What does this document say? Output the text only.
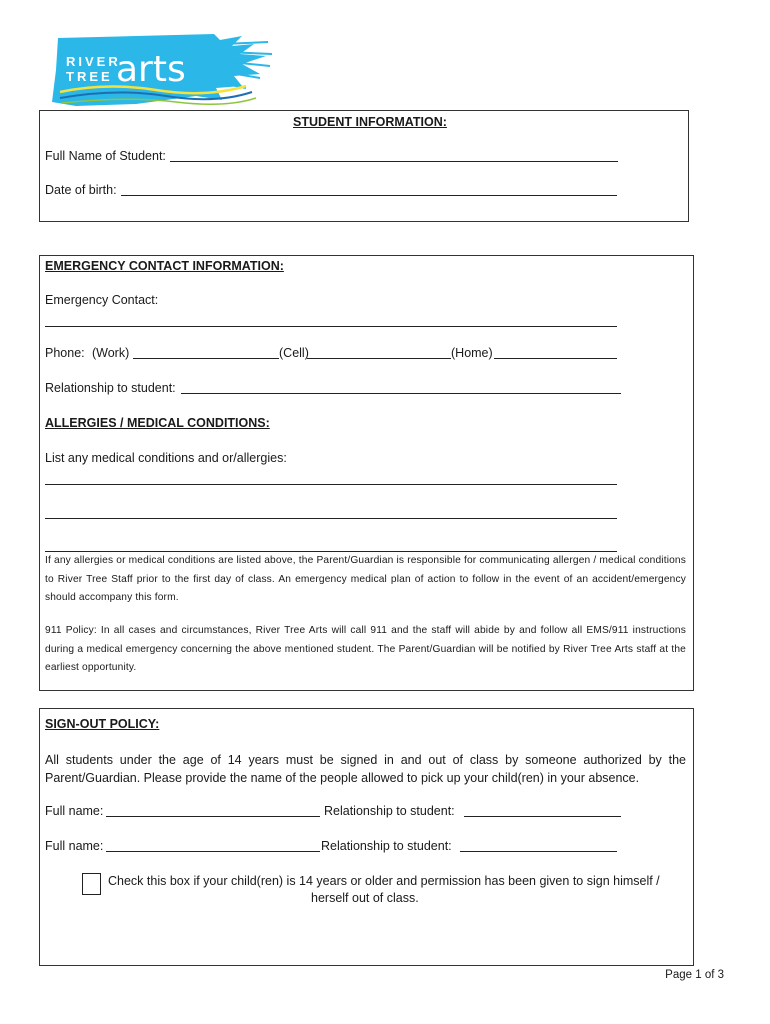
RIVER
TREE arts
STUDENT INFORMATION:
Full Name of Student:
Date of birth:
EMERGENCY CONTACT INFORMATION:
Emergency Contact:
Phone: (Work)	(Cell)	(Home)
Relationship to student:
ALLERGIES / MEDICAL CONDITIONS:
List any medical conditions and or/allergies:
If any allergies or medical conditions are listed above, the Parent/Guardian is responsible for communicating allergen / medical conditions to River Tree Staff prior to the first day of class. An emergency medical plan of action to follow in the event of an accident/emergency should accompany this form.
911 Policy: In all cases and circumstances, River Tree Arts will call 911 and the staff will abide by and follow all EMS/911 instructions during a medical emergency concerning the above mentioned student. The Parent/Guardian will be notified by River Tree Arts staff at the earliest opportunity.
SIGN-OUT POLICY:
All students under the age of 14 years must be signed in and out of class by someone authorized by the Parent/Guardian. Please provide the name of the people allowed to pick up your child(ren) in your absence.
Full name:	Relationship to student:
Full name:	Relationship to student:
Check this box if your child(ren) is 14 years or older and permission has been given to sign himself /
herself out of class.
Page 1 of 3
